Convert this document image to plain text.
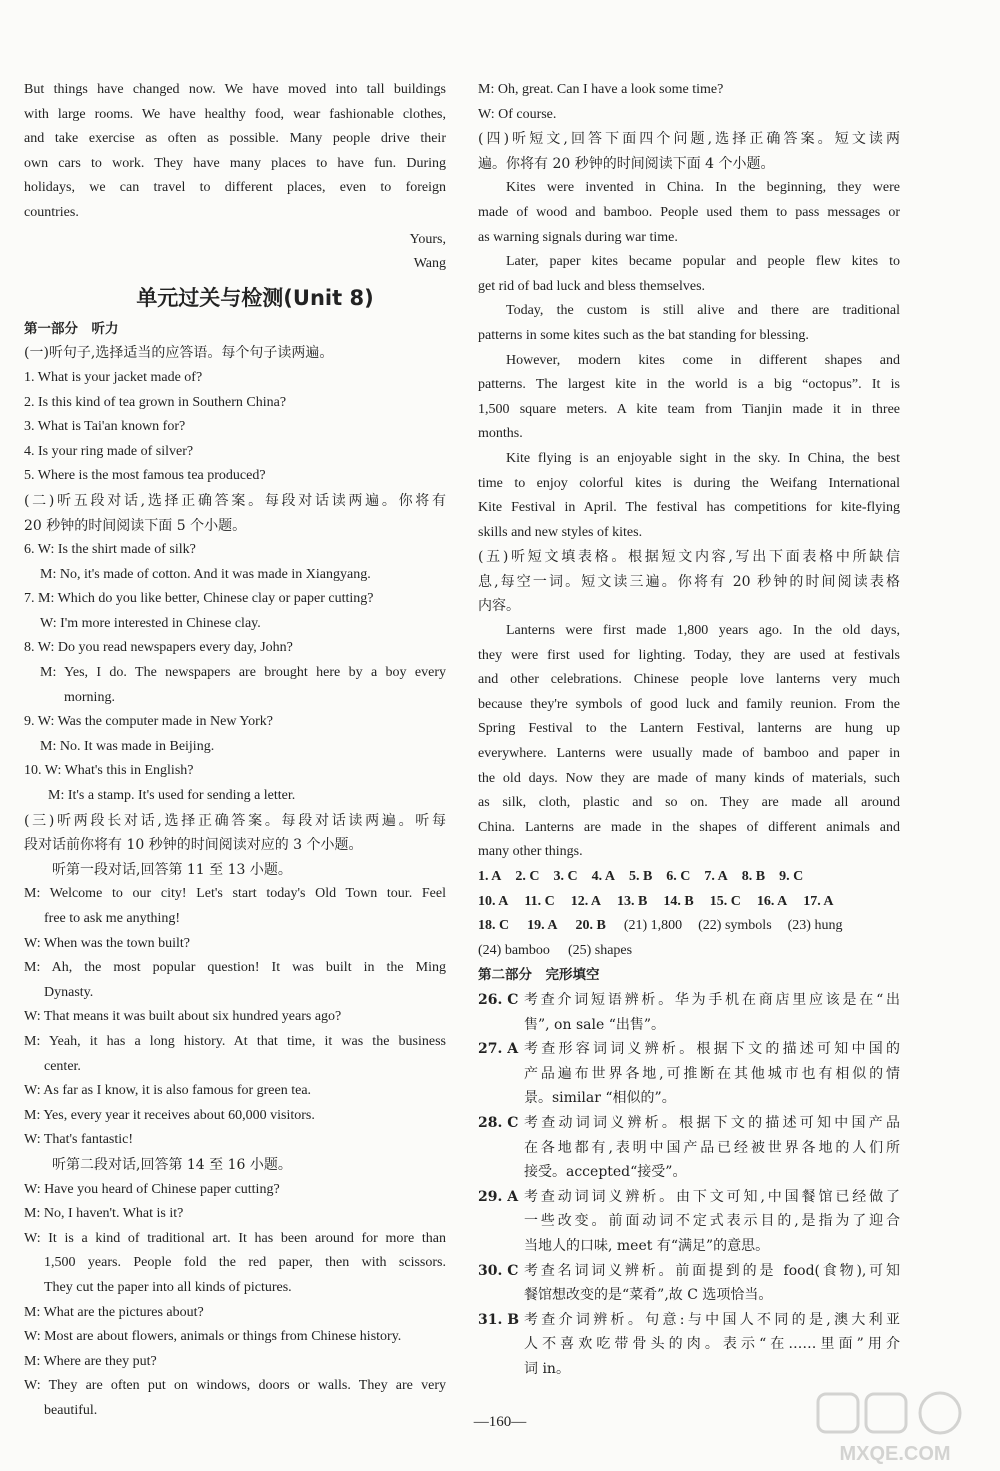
But things have changed now. We have moved into tall buildings

with large rooms. We have healthy food, wear fashionable clothes,

and take exercise as often as possible. Many people drive their

own cars to work. They have many places to have fun. During

holidays, we can travel to different places, even to foreign

countries.

Yours,

Wang

单元过关与检测(Unit 8)

第一部分　听力

(一)听句子,选择适当的应答语。每个句子读两遍。

1. What is your jacket made of?

2. Is this kind of tea grown in Southern China?

3. What is Tai'an known for?

4. Is your ring made of silver?

5. Where is the most famous tea produced?

(二)听五段对话,选择正确答案。每段对话读两遍。你将有

20 秒钟的时间阅读下面 5 个小题。

6. W: Is the shirt made of silk?

M: No, it's made of cotton. And it was made in Xiangyang.

7. M: Which do you like better, Chinese clay or paper cutting?

W: I'm more interested in Chinese clay.

8. W: Do you read newspapers every day, John?

M: Yes, I do. The newspapers are brought here by a boy every

morning.

9. W: Was the computer made in New York?

M: No. It was made in Beijing.

10. W: What's this in English?

M: It's a stamp. It's used for sending a letter.

(三)听两段长对话,选择正确答案。每段对话读两遍。听每

段对话前你将有 10 秒钟的时间阅读对应的 3 个小题。

听第一段对话,回答第 11 至 13 小题。

M: Welcome to our city! Let's start today's Old Town tour. Feel

free to ask me anything!

W: When was the town built?

M: Ah, the most popular question! It was built in the Ming

Dynasty.

W: That means it was built about six hundred years ago?

M: Yeah, it has a long history. At that time, it was the business

center.

W: As far as I know, it is also famous for green tea.

M: Yes, every year it receives about 60,000 visitors.

W: That's fantastic!

听第二段对话,回答第 14 至 16 小题。

W: Have you heard of Chinese paper cutting?

M: No, I haven't. What is it?

W: It is a kind of traditional art. It has been around for more than

1,500 years. People fold the red paper, then with scissors.

They cut the paper into all kinds of pictures.

M: What are the pictures about?

W: Most are about flowers, animals or things from Chinese history.

M: Where are they put?

W: They are often put on windows, doors or walls. They are very

beautiful.

M: Oh, great. Can I have a look some time?

W: Of course.

(四)听短文,回答下面四个问题,选择正确答案。短文读两

遍。你将有 20 秒钟的时间阅读下面 4 个小题。

Kites were invented in China. In the beginning, they were

made of wood and bamboo. People used them to pass messages or

as warning signals during war time.

Later, paper kites became popular and people flew kites to

get rid of bad luck and bless themselves.

Today, the custom is still alive and there are traditional

patterns in some kites such as the bat standing for blessing.

However, modern kites come in different shapes and

patterns. The largest kite in the world is a big “octopus”. It is

1,500 square meters. A kite team from Tianjin made it in three

months.

Kite flying is an enjoyable sight in the sky. In China, the best

time to enjoy colorful kites is during the Weifang International

Kite Festival in April. The festival has competitions for kite-flying

skills and new styles of kites.

(五)听短文填表格。根据短文内容,写出下面表格中所缺信

息,每空一词。短文读三遍。你将有 20 秒钟的时间阅读表格

内容。

Lanterns were first made 1,800 years ago. In the old days,

they were first used for lighting. Today, they are used at festivals

and other celebrations. Chinese people love lanterns very much

because they're symbols of good luck and family reunion. From the

Spring Festival to the Lantern Festival, lanterns are hung up

everywhere. Lanterns were usually made of bamboo and paper in

the old days. Now they are made of many kinds of materials, such

as silk, cloth, plastic and so on. They are made all around

China. Lanterns are made in the shapes of different animals and

many other things.

1. A 2. C 3. C 4. A 5. B 6. C 7. A 8. B 9. C

10. A 11. C 12. A 13. B 14. B 15. C 16. A 17. A

18. C 19. A 20. B (21) 1,800 (22) symbols (23) hung

(24) bamboo (25) shapes

第二部分　完形填空

26. C 考查介词短语辨析。华为手机在商店里应该是在“出

售”, on sale “出售”。

27. A 考查形容词词义辨析。根据下文的描述可知中国的

产品遍布世界各地,可推断在其他城市也有相似的情

景。similar “相似的”。

28. C 考查动词词义辨析。根据下文的描述可知中国产品

在各地都有,表明中国产品已经被世界各地的人们所

接受。accepted“接受”。

29. A 考查动词词义辨析。由下文可知,中国餐馆已经做了

一些改变。前面动词不定式表示目的,是指为了迎合

当地人的口味, meet 有“满足”的意思。

30. C 考查名词词义辨析。前面提到的是 food(食物),可知

餐馆想改变的是“菜肴”,故 C 选项恰当。

31. B 考查介词辨析。句意:与中国人不同的是,澳大利亚

人不喜欢吃带骨头的肉。表示“在……里面”用介

词 in。

—160—
MXQE.COM
